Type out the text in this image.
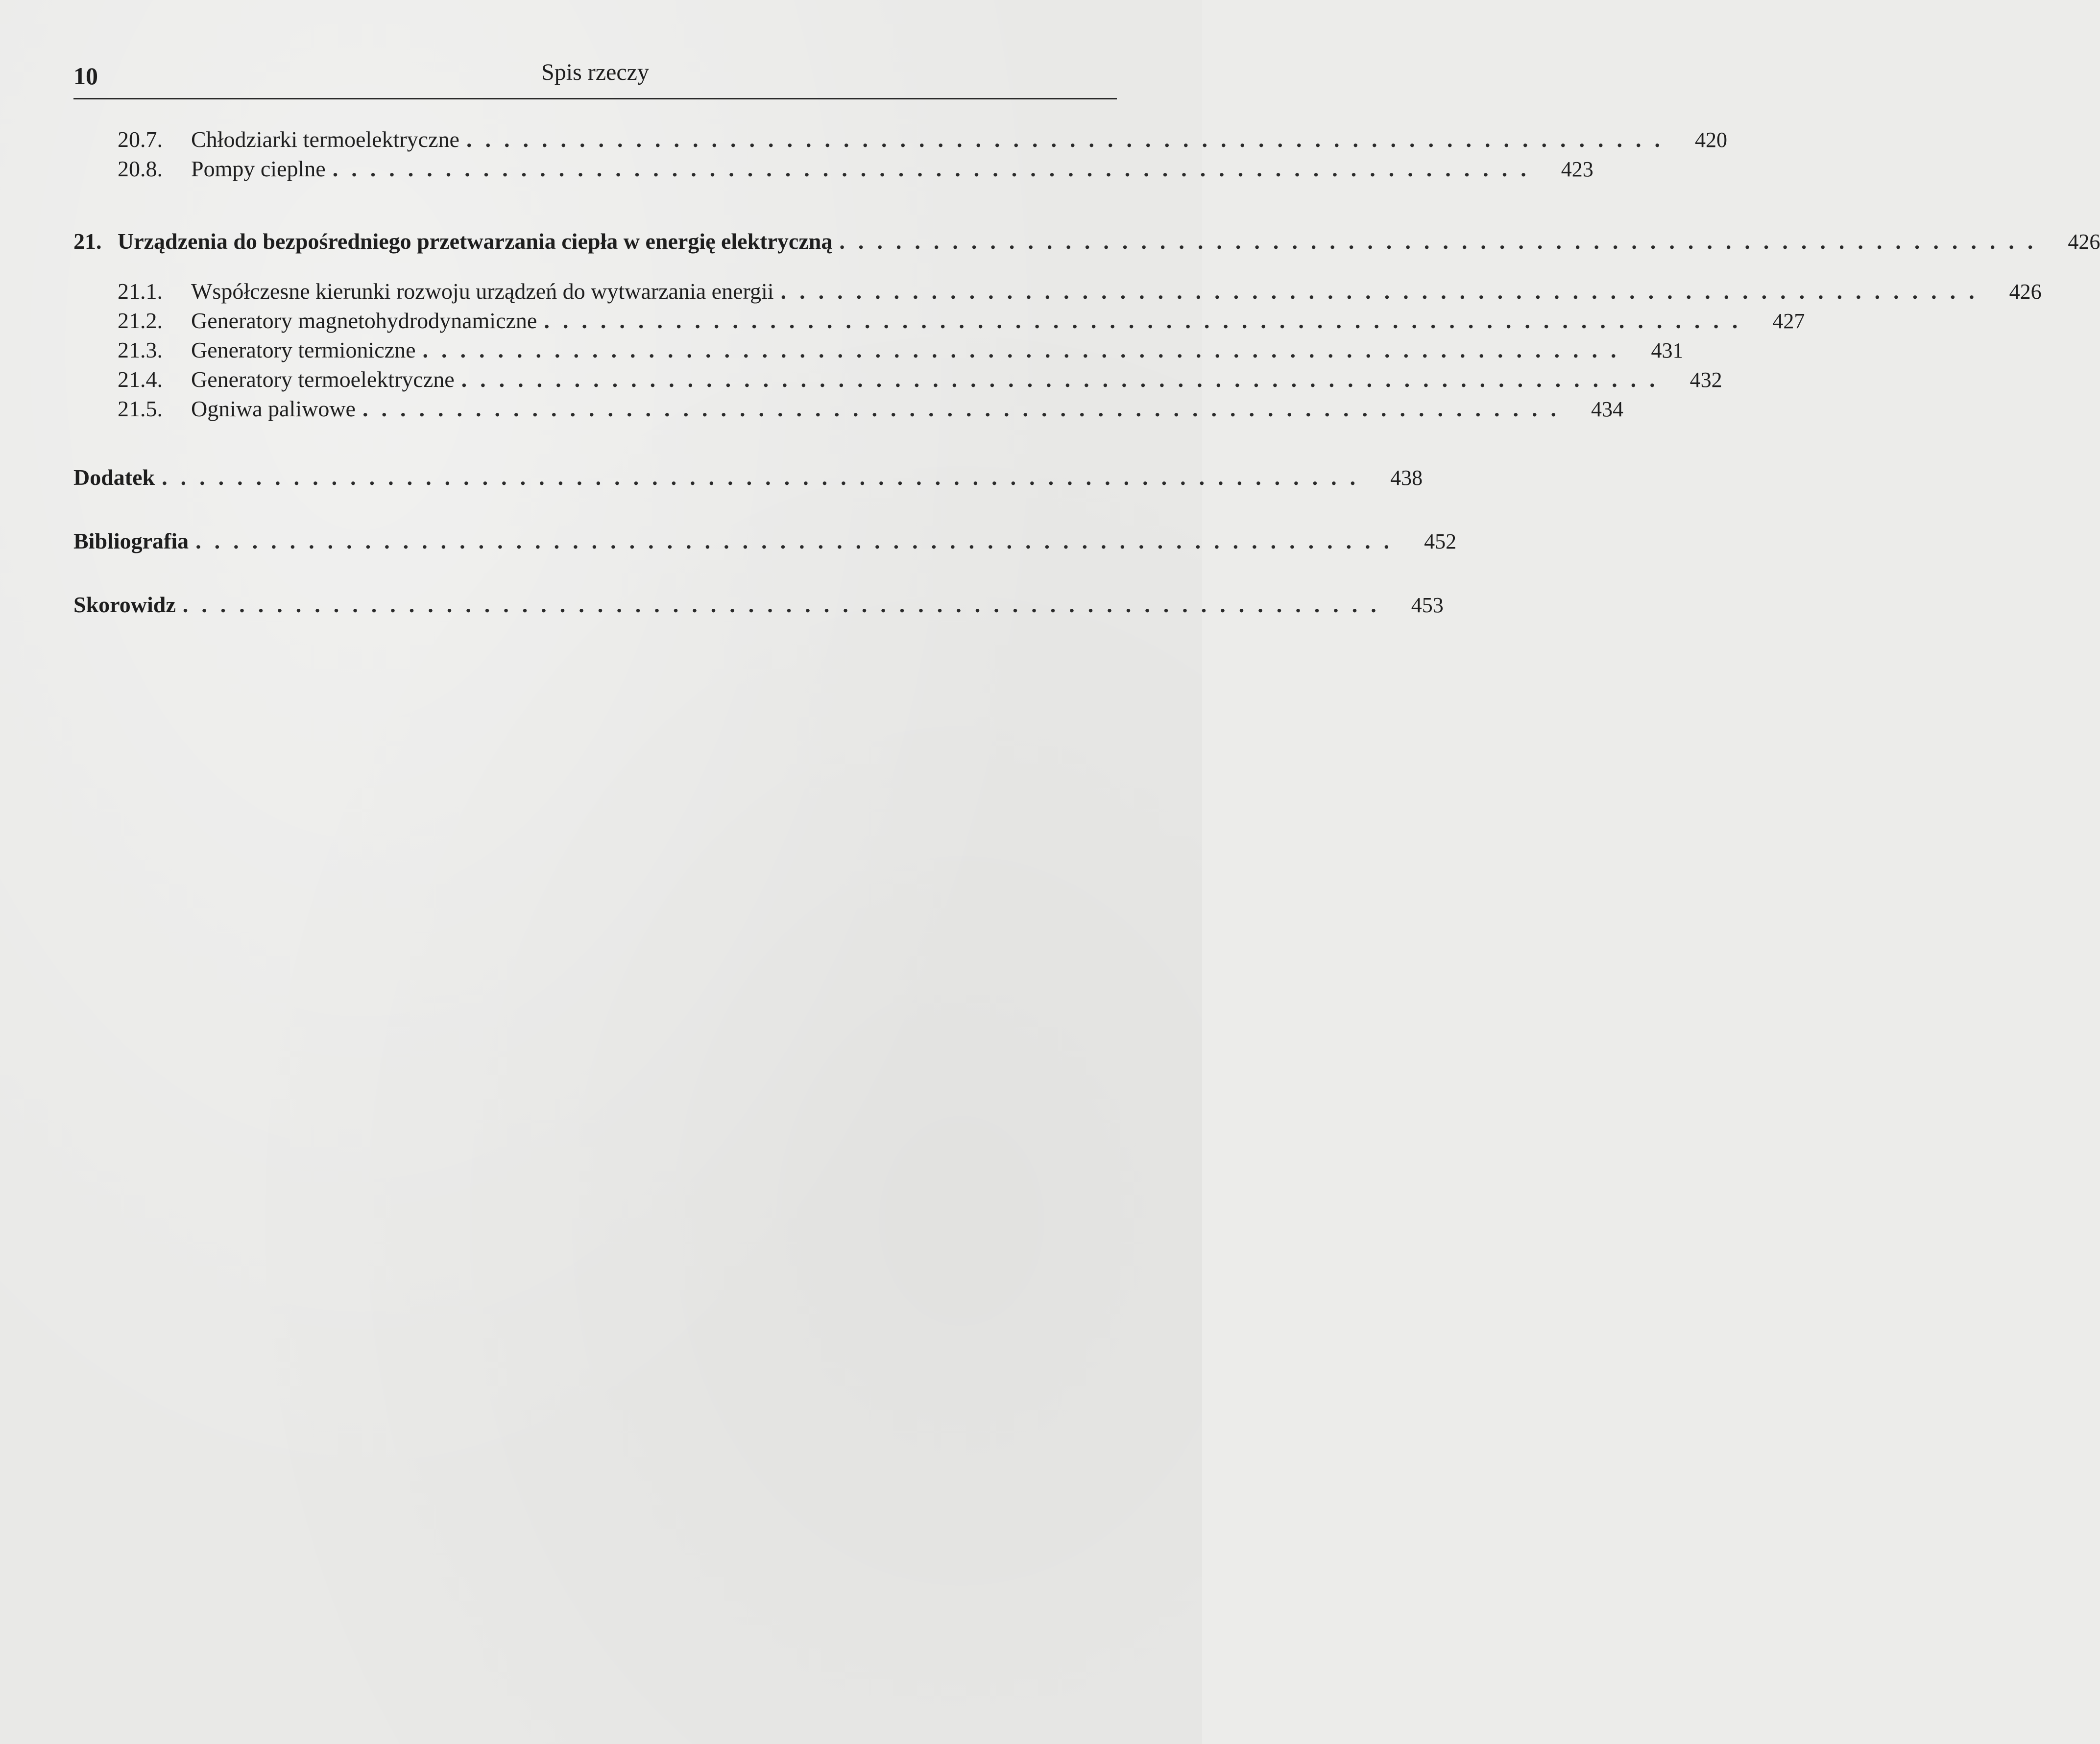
10	Spis rzeczy
20.7.	Chłodziarki termoelektryczne ................................................................	420
20.8.	Pompy cieplne ................................................................	423
21. Urządzenia do bezpośredniego przetwarzania ciepła w energię elektryczną ................................................................	426
21.1.	Współczesne kierunki rozwoju urządzeń do wytwarzania energii ................................................................	426
21.2.	Generatory magnetohydrodynamiczne ................................................................	427
21.3.	Generatory termioniczne ................................................................	431
21.4.	Generatory termoelektryczne ................................................................	432
21.5.	Ogniwa paliwowe ................................................................	434
Dodatek ................................................................	438
Bibliografia ................................................................	452
Skorowidz ................................................................	453
